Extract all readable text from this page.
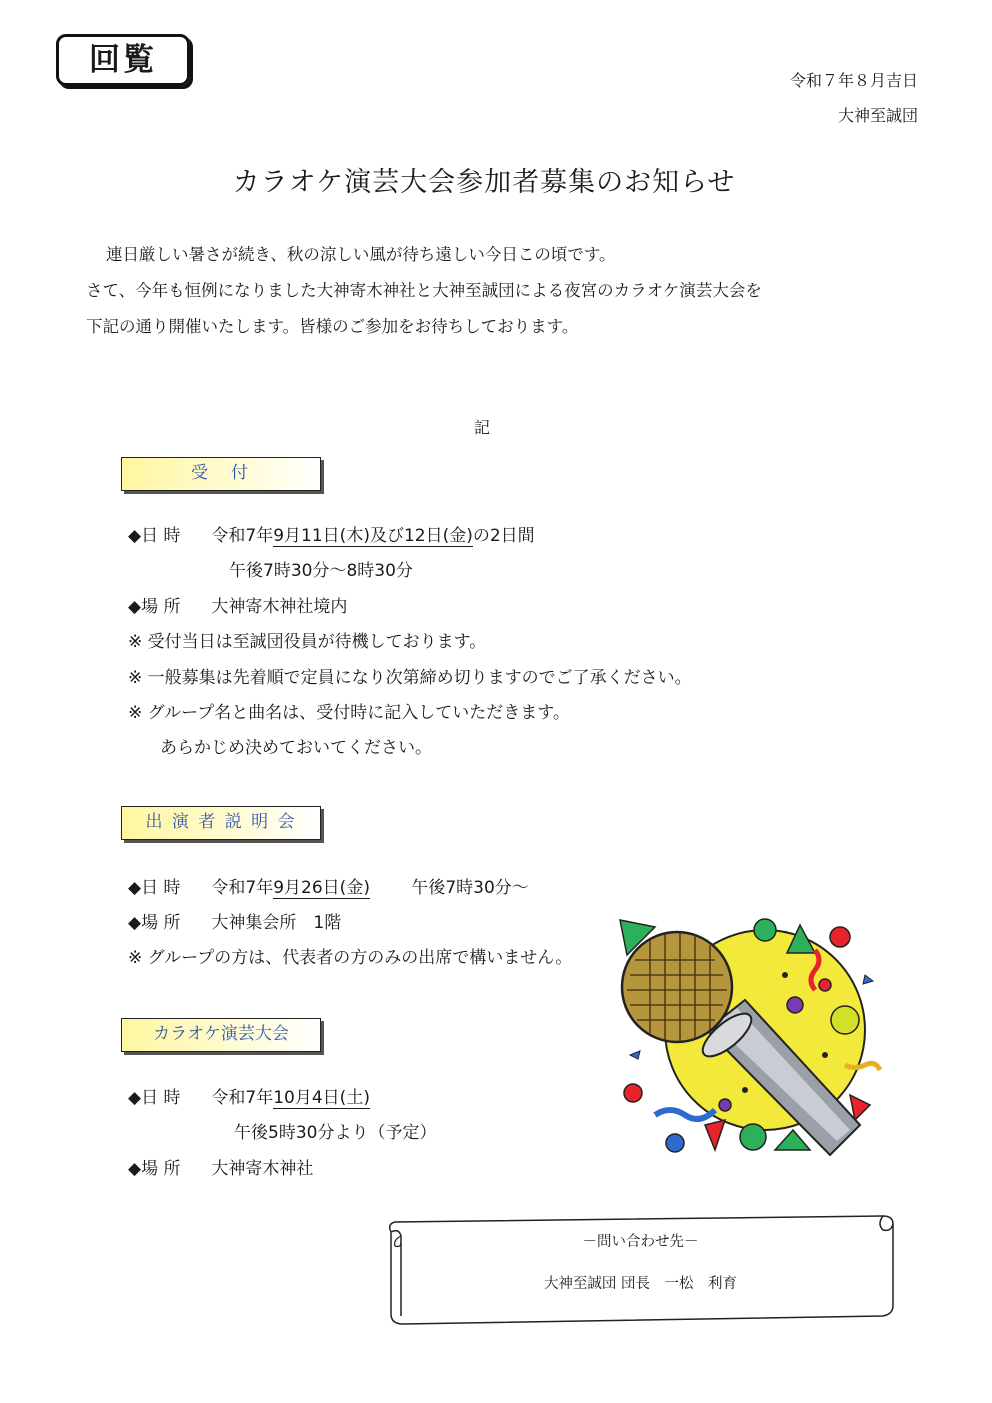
回覧
令和７年８月吉日
大神至誠団
カラオケ演芸大会参加者募集のお知らせ
連日厳しい暑さが続き、秋の涼しい風が待ち遠しい今日この頃です。
さて、今年も恒例になりました大神寄木神社と大神至誠団による夜宮のカラオケ演芸大会を
下記の通り開催いたします。皆様のご参加をお待ちしております。
記
受　付
◆日 時 令和7年9月11日(木)及び12日(金)の2日間
午後7時30分～8時30分
◆場 所 大神寄木神社境内
※ 受付当日は至誠団役員が待機しております。
※ 一般募集は先着順で定員になり次第締め切りますのでご了承ください。
※ グループ名と曲名は、受付時に記入していただきます。
あらかじめ決めておいてください。
出 演 者 説 明 会
◆日 時 令和7年9月26日(金) 午後7時30分～
◆場 所 大神集会所　1階
※ グループの方は、代表者の方のみの出席で構いません。
カラオケ演芸大会
◆日 時 令和7年10月4日(土)
午後5時30分より（予定）
◆場 所 大神寄木神社
－問い合わせ先－
大神至誠団 団長　一松　利育
